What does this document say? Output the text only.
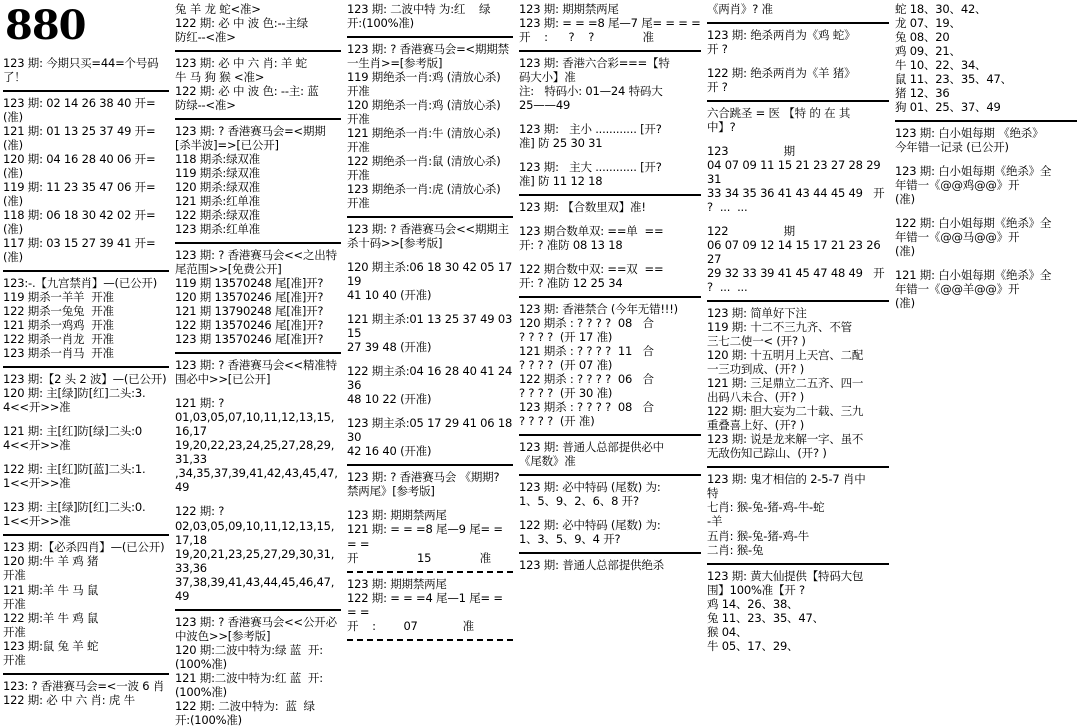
880
123 期: 今期只买=44=个号码了！
123 期: 02 14 26 38 40 开=(准)
121 期: 01 13 25 37 49 开=(准)
120 期: 04 16 28 40 06 开=(准)
119 期: 11 23 35 47 06 开=(准)
118 期: 06 18 30 42 02 开=(准)
117 期: 03 15 27 39 41 开=(准)
123:-.【九宫禁肖】—(已公开)
119 期杀一羊羊  开准
122 期杀一兔兔  开准
121 期杀一鸡鸡  开准
122 期杀一肖龙  开准
123 期杀一肖马  开准
123 期:【2 头 2 波】—(已公开)
120 期: 主[绿]防[红]二头:3.
4<<开>>准
121 期: 主[红]防[绿]二头:0
4<<开>>准
122 期: 主[红]防[蓝]二头:1.
1<<开>>准
123 期: 主[绿]防[红]二头:0.
1<<开>>准
123 期:【必杀四肖】—(已公开)
120 期:牛 羊 鸡 猪
开准
121 期:羊 牛 马 鼠
开准
122 期:羊 牛 鸡 鼠
开准
123 期:鼠 兔 羊 蛇
开准
123: ? 香港赛马会=<一波 6 肖
122 期: 必 中 六 肖: 虎 牛
兔 羊 龙 蛇<准>
122 期: 必 中 波 色:--主绿
防红--<准>
123 期: 必 中 六 肖: 羊 蛇
牛 马 狗 猴 <准>
122 期: 必 中 波 色: --主: 蓝
防绿--<准>
123 期: ? 香港赛马会=<期期
[杀半波]=>[已公开]
118 期杀:绿双准
119 期杀:绿双准
120 期杀:绿双准
121 期杀:红单准
122 期杀:绿双准
123 期杀:红单准
123 期: ? 香港赛马会<<之出特
尾范围>>[免费公开]
119 期 13570248 尾[准]开?
120 期 13570246 尾[准]开?
121 期 13790248 尾[准]开?
122 期 13570246 尾[准]开?
123 期 13570246 尾[准]开?
123 期: ? 香港赛马会<<精准特
围必中>>[已公开]
121 期: ?
01,03,05,07,10,11,12,13,15,16,17
19,20,22,23,24,25,27,28,29,31,33
,34,35,37,39,41,42,43,45,47,49
122 期: ?
02,03,05,09,10,11,12,13,15,17,18
19,20,21,23,25,27,29,30,31,33,36
37,38,39,41,43,44,45,46,47,49
123 期: ? 香港赛马会<<公开必
中波色>>[参考版]
120 期:二波中特为:绿 蓝  开:
(100%准)
121 期:二波中特为:红 蓝  开:
(100%准)
122 期: 二波中特为:  蓝  绿
开:(100%准)
123 期: 二波中特 为:红    绿
开:(100%准)
123 期: ? 香港赛马会=<期期禁
一生肖>=[参考版]
119 期绝杀一肖:鸡 (清放心杀)
开准
120 期绝杀一肖:鸡 (清放心杀)
开准
121 期绝杀一肖:牛 (清放心杀)
开准
122 期绝杀一肖:鼠 (清放心杀)
开准
123 期绝杀一肖:虎 (清放心杀)
开准
123 期: ? 香港赛马会<<期期主
杀十码>>[参考版]
120 期主杀:06 18 30 42 05 17 19
41 10 40 (开准)
121 期主杀:01 13 25 37 49 03 15
27 39 48 (开准)
122 期主杀:04 16 28 40 41 24 36
48 10 22 (开准)
123 期主杀:05 17 29 41 06 18 30
42 16 40 (开准)
123 期: ? 香港赛马会 《期期?
禁两尾》[参考版]
123 期: 期期禁两尾
121 期: = = =8 尾—9 尾= = = =
开                 15              准
123 期: 期期禁两尾
122 期: = = =4 尾—1 尾= = = =
开    :        07             准
123 期: 期期禁两尾
123 期: = = =8 尾—7 尾= = = =
开    :      ?    ?              准
123 期: 香港六合彩===【特
码大小】准
注:   特码小: 01—24 特码大
25——49
123 期:   主小 ............ [开?
准] 防 25 30 31
123 期:   主大 ............ [开?
准] 防 11 12 18
123 期: 【合数里双】准!
123 期合数单双: ==单  ==
开: ? 准防 08 13 18
122 期合数中双: ==双  ==
开: ? 准防 12 25 34
123 期: 香港禁合 (今年无错!!!)
120 期杀 : ? ? ? ?  08   合
? ? ? ?  (开 17 准)
121 期杀 : ? ? ? ?  11   合
? ? ? ?  (开 07 准)
122 期杀 : ? ? ? ?  06   合
? ? ? ?  (开 30 准)
123 期杀 : ? ? ? ?  08   合
? ? ? ?  (开 准)
123 期: 普通人总部提供必中
《尾数》准
123 期: 必中特码 (尾数) 为:
1、5、9、2、6、8 开?
122 期: 必中特码 (尾数) 为:
1、3、5、9、4 开?
123 期: 普通人总部提供绝杀
《两肖》? 准
123 期: 绝杀两肖为《鸡 蛇》
开 ?
122 期: 绝杀两肖为《羊 猪》
开 ?
六合跳圣 = 医 【特 的 在 其
中】?
123                期
04 07 09 11 15 21 23 27 28 29 31
33 34 35 36 41 43 44 45 49   开
?  ...  ...
122                期
06 07 09 12 14 15 17 21 23 26 27
29 32 33 39 41 45 47 48 49   开
?  ...  ...
123 期: 简单好下注
119 期: 十二不三九齐、不管
三七二使一< (开? )
120 期: 十五明月上天宫、二配
一三功到成、(开? )
121 期: 三足鼎立二五齐、四一
出码八未合、(开? )
122 期: 胆大妄为二十载、三九
重叠喜上好、(开? )
123 期: 说是龙来解一字、虽不
无敌伤知己踪山、(开? )
123 期: 鬼才相信的 2-5-7 肖中
特
七肖: 猴-兔-猪-鸡-牛-蛇
-羊
五肖: 猴-兔-猪-鸡-牛
二肖: 猴-兔
123 期: 黄大仙提供【特码大包
围】100%准【开 ?
鸡 14、26、38、
兔 11、23、35、47、
猴 04、
牛 05、17、29、
蛇 18、30、42、
龙 07、19、
兔 08、20
鸡 09、21、
牛 10、22、34、
鼠 11、23、35、47、
猪 12、36
狗 01、25、37、49
123 期: 白小姐每期 《绝杀》
今年错一记录 (已公开)
123 期: 白小姐每期《绝杀》全
年错一《@@鸡@@》开
(准)
122 期: 白小姐每期《绝杀》全
年错一《@@马@@》开
(准)
121 期: 白小姐每期《绝杀》全
年错一《@@羊@@》开
(准)
